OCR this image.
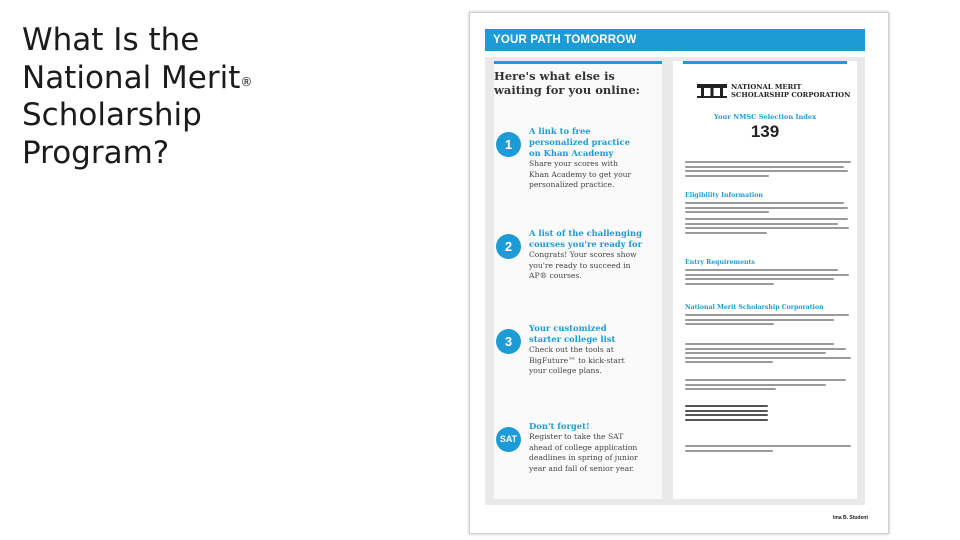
What Is the
National Merit®
Scholarship
Program?
YOUR PATH TOMORROW
Here's what else is
waiting for you online:
1
A link to free
personalized practice
on Khan Academy
Share your scores with
Khan Academy to get your
personalized practice.
2
A list of the challenging
courses you're ready for
Congrats! Your scores show
you're ready to succeed in
AP® courses.
3
Your customized
starter college list
Check out the tools at
BigFuture™ to kick-start
your college plans.
SAT
Don't forget!
Register to take the SAT
ahead of college application
deadlines in spring of junior
year and fall of senior year.
NATIONAL MERIT
SCHOLARSHIP CORPORATION
Your NMSC Selection Index
139
Eligibility Information
Entry Requirements
National Merit Scholarship Corporation
Ima B. Student
